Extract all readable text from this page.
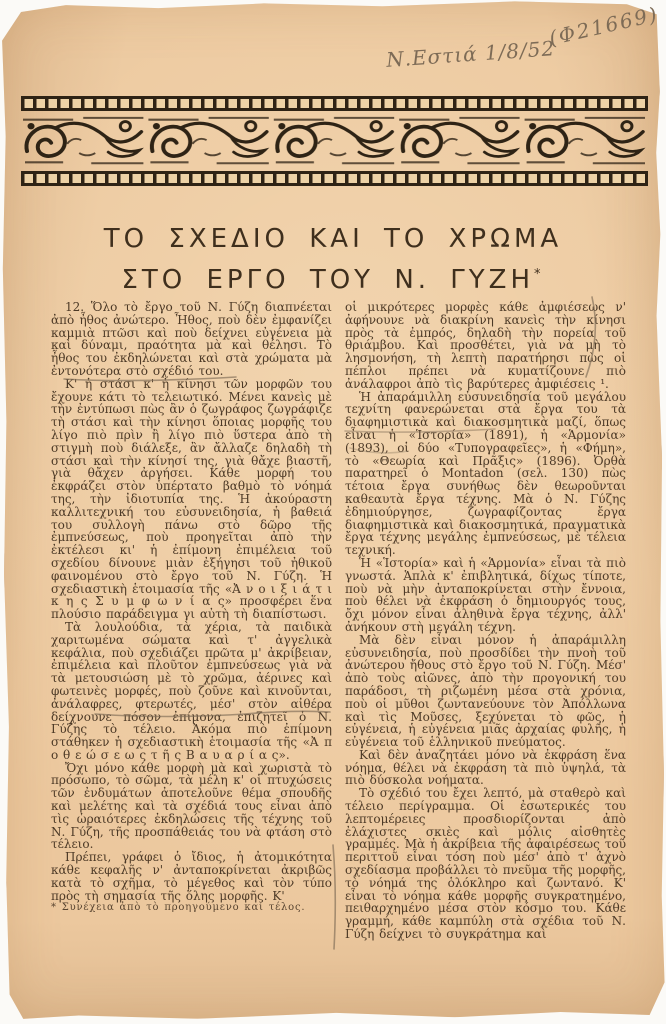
(Φ21669)
Ν.Εστιά 1/8/52
ΤΟ ΣΧΕΔΙΟ ΚΑΙ ΤΟ ΧΡΩΜΑ
ΣΤΟ ΕΡΓΟ ΤΟΥ Ν. ΓΥΖΗ*

12. Ὅλο τὸ ἔργο τοῦ Ν. Γύζη διαπνέεται ἀπὸ ἦθος ἀνώτερο. Ἦθος, ποὺ δὲν ἐμφανίζει καμμιὰ πτῶσι καὶ ποὺ δείχνει εὐγένεια μὰ καὶ δύναμι, πραότητα μὰ καὶ θέλησι. Τὸ ἦθος του ἐκδηλώνεται καὶ στὰ χρώματα μὰ ἐντονότερα στὸ σχέδιό του.

Κ' ἡ στάσι κ' ἡ κίνησι τῶν μορφῶν του ἔχουνε κάτι τὸ τελειωτικό. Μένει κανεὶς μὲ τὴν ἐντύπωσι πὼς ἂν ὁ ζωγράφος ζωγράφιζε τὴ στάσι καὶ τὴν κίνησι ὅποιας μορφῆς του λίγο πιὸ πρὶν ἢ λίγο πιὸ ὕστερα ἀπὸ τὴ στιγμὴ ποὺ διάλεξε, ἂν ἄλλαζε δηλαδὴ τὴ στάσι καὶ τὴν κίνησί της, γιὰ θἄχε βιαστῆ, γιὰ θἄχεν ἀργήσει. Κάθε μορφή του ἐκφράζει στὸν ὑπέρτατο βαθμὸ τὸ νόημά της, τὴν ἰδιοτυπία της. Ἡ ἀκούραστη καλλιτεχνική του εὐσυνειδησία, ἡ βαθειά του συλλογὴ πάνω στὸ δῶρο τῆς ἐμπνεύσεως, ποὺ προηγεῖται ἀπὸ τὴν ἐκτέλεσι κι' ἡ ἐπίμονη ἐπιμέλεια τοῦ σχεδίου δίνουνε μιὰν ἐξήγησι τοῦ ἠθικοῦ φαινομένου στὸ ἔργο τοῦ Ν. Γύζη. Ἡ σχεδιαστικὴ ἑτοιμασία τῆς «Ἀ ν ο ι ξ ι ά τ ι κ η ς Σ υ μ φ ω ν ί α ς» προσφέρει ἕνα πλούσιο παράδειγμα γι αὐτὴ τὴ διαπίστωσι.

Τὰ λουλούδια, τὰ χέρια, τὰ παιδικὰ χαριτωμένα σώματα καὶ τ' ἀγγελικὰ κεφάλια, ποὺ σχεδιάζει πρῶτα μ' ἀκρίβειαν, ἐπιμέλεια καὶ πλοῦτον ἐμπνεύσεως γιὰ νὰ τὰ μετουσιώση μὲ τὸ χρῶμα, ἀέρινες καὶ φωτεινὲς μορφές, ποὺ ζοῦνε καὶ κινοῦνται, ἀνάλαφρες, φτερωτές, μέσ' στὸν αἰθέρα δείχνουνε πόσον ἐπίμονα, ἐπιζητεῖ ὁ Ν. Γύζης τὸ τέλειο. Ἀκόμα πιὸ ἐπίμονη στάθηκεν ἡ σχεδιαστικὴ ἑτοιμασία τῆς «Ἀ π ο θ ε ώ σ ε ω ς τ ῆ ς Β α υ α ρ ί α ς».

Ὄχι μόνο κάθε μορφὴ μὰ καὶ χωριστὰ τὸ πρόσωπο, τὸ σῶμα, τὰ μέλη κ' οἱ πτυχώσεις τῶν ἐνδυμάτων ἀποτελοῦνε θέμα σπουδῆς καὶ μελέτης καὶ τὰ σχέδιά τους εἶναι ἀπὸ τὶς ὡραιότερες ἐκδηλώσεις τῆς τέχνης τοῦ Ν. Γύζη, τῆς προσπάθειάς του νὰ φτάση στὸ τέλειο.

Πρέπει, γράφει ὁ ἴδιος, ἡ ἀτομικότητα κάθε κεφαλῆς ν' ἀνταποκρίνεται ἀκριβῶς κατὰ τὸ σχῆμα, τὸ μέγεθος καὶ τὸν τύπο πρὸς τὴ σημασία τῆς ὅλης μορφῆς. Κ'

* Συνέχεια ἀπὸ τὸ προηγούμενο καὶ τέλος.

οἱ μικρότερες μορφὲς κάθε ἀμφιέσεως ν' ἀφήνουνε νὰ διακρίνη κανεὶς τὴν κίνησι πρὸς τὰ ἐμπρός, δηλαδὴ τὴν πορεία τοῦ θριάμβου. Καὶ προσθέτει, γιὰ νὰ μὴ τὸ λησμονήση, τὴ λεπτὴ παρατήρησι πὼς οἱ πέπλοι πρέπει νὰ κυματίζουνε πιὸ ἀνάλαφροι ἀπὸ τὶς βαρύτερες ἀμφιέσεις ¹.

Ἡ ἀπαράμιλλη εὐσυνειδησία τοῦ μεγάλου τεχνίτη φανερώνεται στὰ ἔργα του τὰ διαφημιστικὰ καὶ διακοσμητικὰ μαζί, ὅπως εἶναι ἡ «Ἱστορία» (1891), ἡ «Ἁρμονία» (1893), οἱ δύο «Τυπογραφεῖες», ἡ «Φήμη», τὸ «Θεωρία καὶ Πρᾶξις» (1896). Ὀρθὰ παρατηρεῖ ὁ Montadon (σελ. 130) πὼς τέτοια ἔργα συνήθως δὲν θεωροῦνται καθεαυτὰ ἔργα τέχνης. Μὰ ὁ Ν. Γύζης ἐδημιούργησε, ζωγραφίζοντας ἔργα διαφημιστικὰ καὶ διακοσμητικά, πραγματικὰ ἔργα τέχνης μεγάλης ἐμπνεύσεως, μὲ τέλεια τεχνική.

Ἡ «Ἱστορία» καὶ ἡ «Ἁρμονία» εἶναι τὰ πιὸ γνωστά. Ἁπλὰ κ' ἐπιβλητικά, δίχως τίποτε, ποὺ νὰ μὴν ἀνταποκρίνεται στὴν ἔννοια, ποὺ θέλει νὰ ἐκφράση ὁ δημιουργός τους, ὄχι μόνον εἶναι ἀληθινὰ ἔργα τέχνης, ἀλλ' ἀνήκουν στὴ μεγάλη τέχνη.

Μὰ δὲν εἶναι μόνον ἡ ἀπαράμιλλη εὐσυνειδησία, ποὺ προσδίδει τὴν πνοὴ τοῦ ἀνώτερου ἤθους στὸ ἔργο τοῦ Ν. Γύζη. Μέσ' ἀπὸ τοὺς αἰῶνες, ἀπὸ τὴν προγονική του παράδοσι, τὴ ριζωμένη μέσα στὰ χρόνια, ποὺ οἱ μῦθοι ζωντανεύουνε τὸν Ἀπόλλωνα καὶ τὶς Μοῦσες, ξεχύνεται τὸ φῶς, ἡ εὐγένεια, ἡ εὐγένεια μιᾶς ἀρχαίας φυλῆς, ἡ εὐγένεια τοῦ ἑλληνικοῦ πνεύματος.

Καὶ δὲν ἀναζητάει μόνο νὰ ἐκφράση ἕνα νόημα, θέλει νὰ ἐκφράση τὰ πιὸ ὑψηλά, τὰ πιὸ δύσκολα νοήματα.

Τὸ σχέδιό του ἔχει λεπτό, μὰ σταθερὸ καὶ τέλειο περίγραμμα. Οἱ ἐσωτερικές του λεπτομέρειες προσδιορίζονται ἀπὸ ἐλάχιστες σκιὲς καὶ μόλις αἰσθητὲς γραμμές. Μὰ ἡ ἀκρίβεια τῆς ἀφαιρέσεως τοῦ περιττοῦ εἶναι τόση ποὺ μέσ' ἀπὸ τ' ἀχνὸ σχεδίασμα προβάλλει τὸ πνεῦμα τῆς μορφῆς, τὸ νόημά της ὁλόκληρο καὶ ζωντανό. Κ' εἶναι τὸ νόημα κάθε μορφῆς συγκρατημένο, πειθαρχημένο μέσα στὸν κόσμο του. Κάθε γραμμή, κάθε καμπύλη στὰ σχέδια τοῦ Ν. Γύζη δείχνει τὸ συγκράτημα καὶ
